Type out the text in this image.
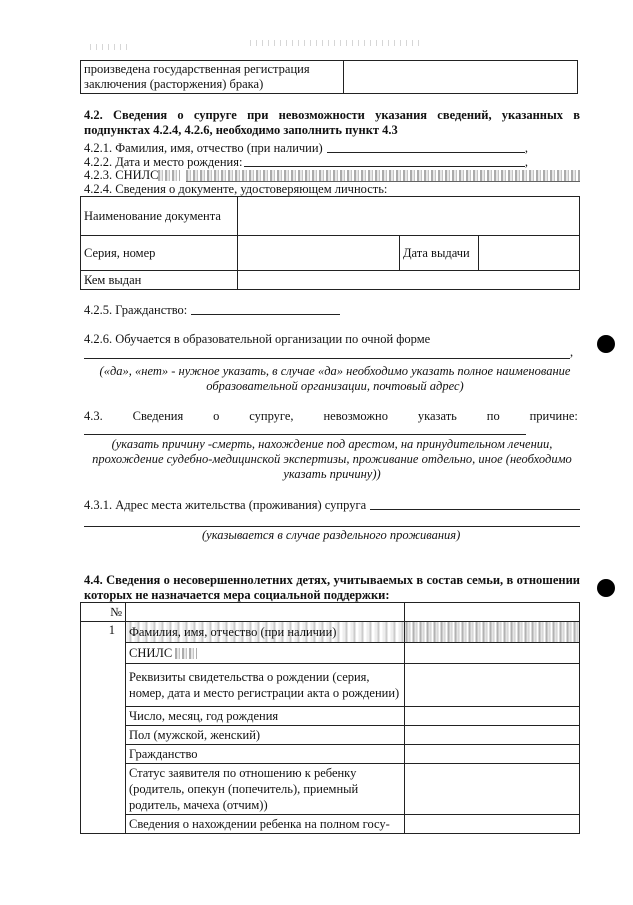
произведена государственная регистрация заключения (расторжения) брака)	
4.2. Сведения о супруге при невозможности указания сведений, указанных в подпунктах 4.2.4, 4.2.6, необходимо заполнить пункт 4.3
4.2.1. Фамилия, имя, отчество (при наличии)	,
4.2.2. Дата и место рождения:	,
4.2.3. СНИЛС
4.2.4. Сведения о документе, удостоверяющем личность:
Наименование документа			
Серия, номер		Дата выдачи	
Кем выдан			
4.2.5. Гражданство:
4.2.6. Обучается в образовательной организации по очной форме
,
(«да», «нет» - нужное указать, в случае «да» необходимо указать полное наименование образовательной организации, почтовый адрес)
4.3. Сведения о супруге, невозможно указать по причине:
(указать причину -смерть, нахождение под арестом, на принудительном лечении, прохождение судебно-медицинской экспертизы, проживание отдельно, иное (необходимо указать причину))
4.3.1. Адрес места жительства (проживания) супруга
(указывается в случае раздельного проживания)
4.4. Сведения о несовершеннолетних детях, учитываемых в состав семьи, в отношении которых не назначается мера социальной поддержки:
№		
1	Фамилия, имя, отчество (при наличии)	
	СНИЛС	
	Реквизиты свидетельства о рождении (серия, номер, дата и место регистрации акта о рождении)	
	Число, месяц, год рождения	
	Пол (мужской, женский)	
	Гражданство	
	Статус заявителя по отношению к ребенку (родитель, опекун (попечитель), приемный родитель, мачеха (отчим))	
	Сведения о нахождении ребенка на полном госу-	
